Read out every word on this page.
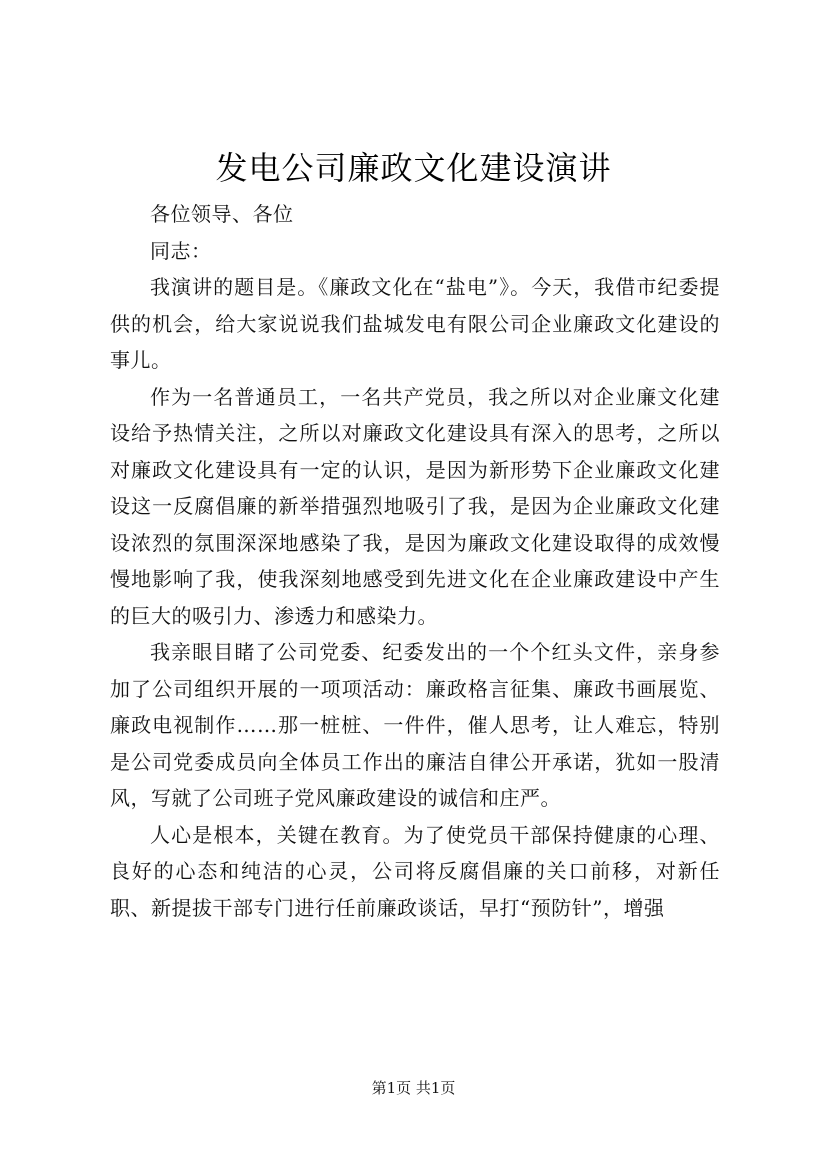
发电公司廉政文化建设演讲

各位领导、各位

同志：

我演讲的题目是。《廉政文化在“盐电”》。今天，我借市纪委提供的机会，给大家说说我们盐城发电有限公司企业廉政文化建设的事儿。

作为一名普通员工，一名共产党员，我之所以对企业廉文化建设给予热情关注，之所以对廉政文化建设具有深入的思考，之所以对廉政文化建设具有一定的认识，是因为新形势下企业廉政文化建设这一反腐倡廉的新举措强烈地吸引了我，是因为企业廉政文化建设浓烈的氛围深深地感染了我，是因为廉政文化建设取得的成效慢慢地影响了我，使我深刻地感受到先进文化在企业廉政建设中产生的巨大的吸引力、渗透力和感染力。

我亲眼目睹了公司党委、纪委发出的一个个红头文件，亲身参加了公司组织开展的一项项活动：廉政格言征集、廉政书画展览、廉政电视制作……那一桩桩、一件件，催人思考，让人难忘，特别是公司党委成员向全体员工作出的廉洁自律公开承诺，犹如一股清风，写就了公司班子党风廉政建设的诚信和庄严。

人心是根本，关键在教育。为了使党员干部保持健康的心理、良好的心态和纯洁的心灵，公司将反腐倡廉的关口前移，对新任职、新提拔干部专门进行任前廉政谈话，早打“预防针”，增强

第1页 共1页
